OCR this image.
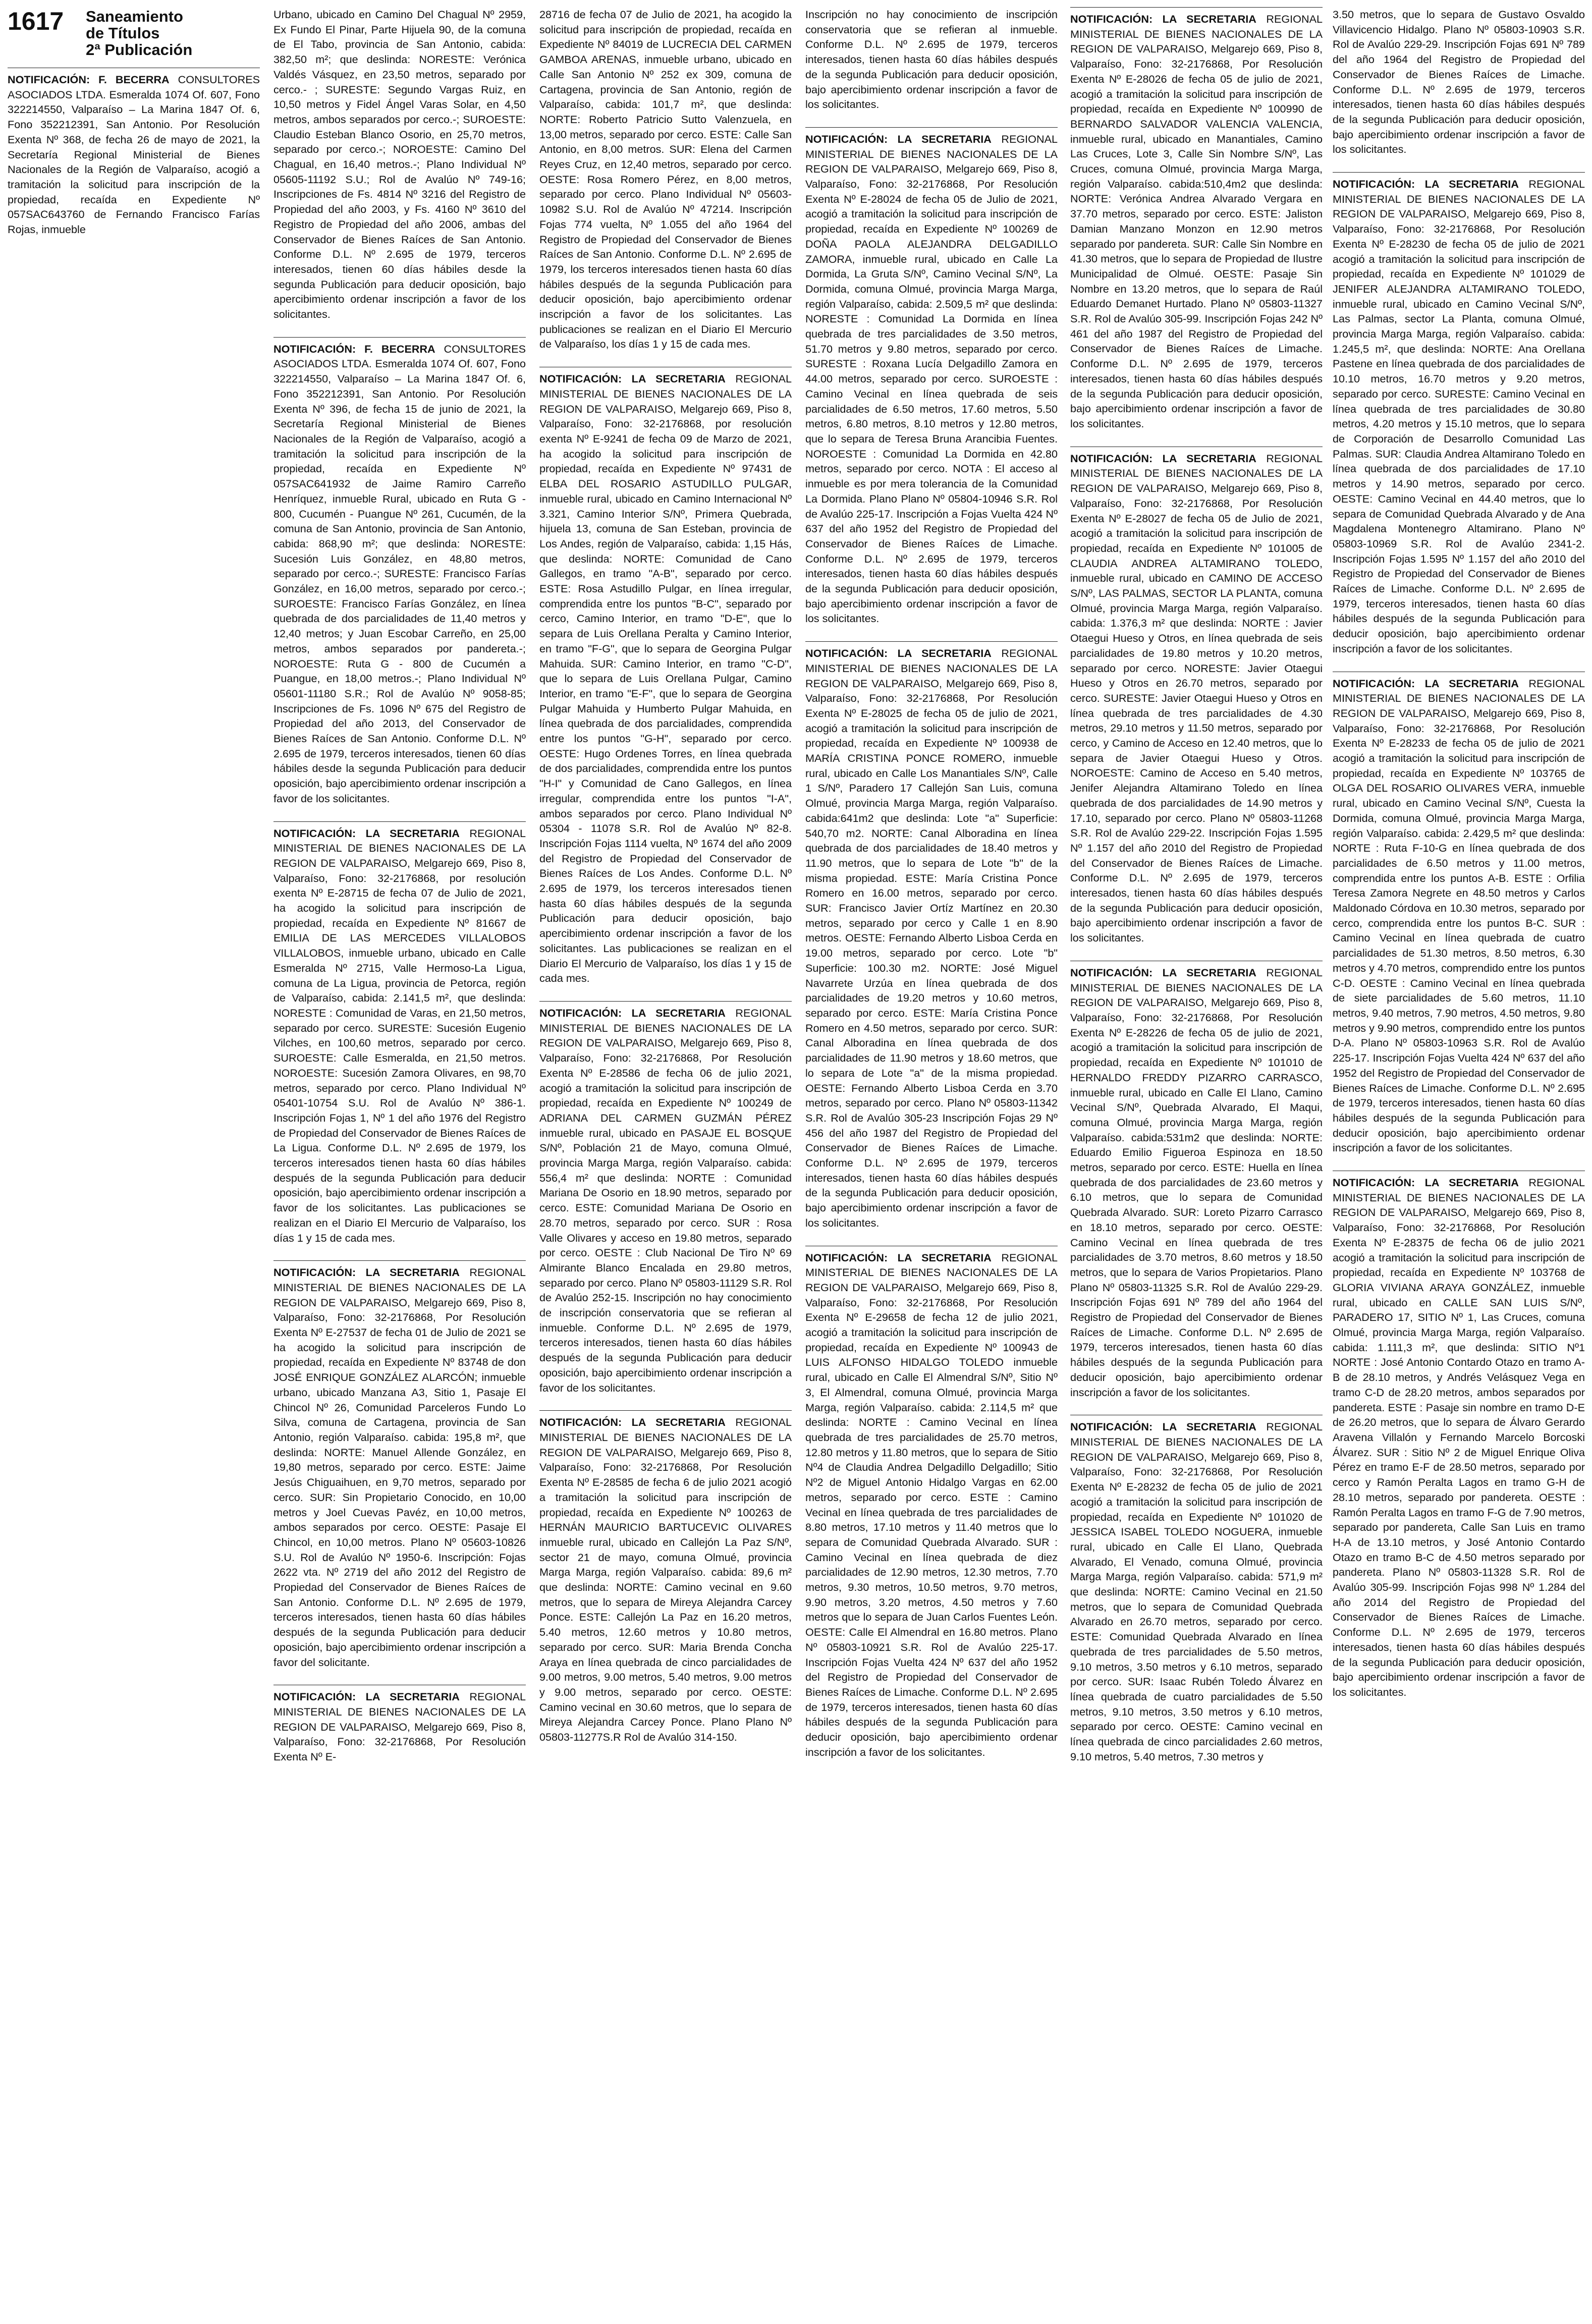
1617 Saneamiento
de Títulos
2ª Publicación

NOTIFICACIÓN: F. BECERRA CONSULTORES ASOCIADOS LTDA. Esmeralda 1074 Of. 607, Fono 322214550, Valparaíso – La Marina 1847 Of. 6, Fono 352212391, San Antonio. Por Resolución Exenta Nº 368, de fecha 26 de mayo de 2021, la Secretaría Regional Ministerial de Bienes Nacionales de la Región de Valparaíso, acogió a tramitación la solicitud para inscripción de la propiedad, recaída en Expediente Nº 057SAC643760 de Fernando Francisco Farías Rojas, inmueble

Urbano, ubicado en Camino Del Chagual Nº 2959, Ex Fundo El Pinar, Parte Hijuela 90, de la comuna de El Tabo, provincia de San Antonio, cabida: 382,50 m²; que deslinda: NORESTE: Verónica Valdés Vásquez, en 23,50 metros, separado por cerco.- ; SURESTE: Segundo Vargas Ruiz, en 10,50 metros y Fidel Ángel Varas Solar, en 4,50 metros, ambos separados por cerco.-; SUROESTE: Claudio Esteban Blanco Osorio, en 25,70 metros, separado por cerco.-; NOROESTE: Camino Del Chagual, en 16,40 metros.-; Plano Individual Nº 05605-11192 S.U.; Rol de Avalúo Nº 749-16; Inscripciones de Fs. 4814 Nº 3216 del Registro de Propiedad del año 2003, y Fs. 4160 Nº 3610 del Registro de Propiedad del año 2006, ambas del Conservador de Bienes Raíces de San Antonio. Conforme D.L. Nº 2.695 de 1979, terceros interesados, tienen 60 días hábiles desde la segunda Publicación para deducir oposición, bajo apercibimiento ordenar inscripción a favor de los solicitantes.

NOTIFICACIÓN: F. BECERRA CONSULTORES ASOCIADOS LTDA. Esmeralda 1074 Of. 607, Fono 322214550, Valparaíso – La Marina 1847 Of. 6, Fono 352212391, San Antonio. Por Resolución Exenta Nº 396, de fecha 15 de junio de 2021, la Secretaría Regional Ministerial de Bienes Nacionales de la Región de Valparaíso, acogió a tramitación la solicitud para inscripción de la propiedad, recaída en Expediente Nº 057SAC641932 de Jaime Ramiro Carreño Henríquez, inmueble Rural, ubicado en Ruta G - 800, Cucumén - Puangue Nº 261, Cucumén, de la comuna de San Antonio, provincia de San Antonio, cabida: 868,90 m²; que deslinda: NORESTE: Sucesión Luis González, en 48,80 metros, separado por cerco.-; SURESTE: Francisco Farías González, en 16,00 metros, separado por cerco.-; SUROESTE: Francisco Farías González, en línea quebrada de dos parcialidades de 11,40 metros y 12,40 metros; y Juan Escobar Carreño, en 25,00 metros, ambos separados por pandereta.-; NOROESTE: Ruta G - 800 de Cucumén a Puangue, en 18,00 metros.-; Plano Individual Nº 05601-11180 S.R.; Rol de Avalúo Nº 9058-85; Inscripciones de Fs. 1096 Nº 675 del Registro de Propiedad del año 2013, del Conservador de Bienes Raíces de San Antonio. Conforme D.L. Nº 2.695 de 1979, terceros interesados, tienen 60 días hábiles desde la segunda Publicación para deducir oposición, bajo apercibimiento ordenar inscripción a favor de los solicitantes.

NOTIFICACIÓN: LA SECRETARIA REGIONAL MINISTERIAL DE BIENES NACIONALES DE LA REGION DE VALPARAISO, Melgarejo 669, Piso 8, Valparaíso, Fono: 32-2176868, por resolución exenta Nº E-28715 de fecha 07 de Julio de 2021, ha acogido la solicitud para inscripción de propiedad, recaída en Expediente Nº 81667 de EMILIA DE LAS MERCEDES VILLALOBOS VILLALOBOS, inmueble urbano, ubicado en Calle Esmeralda Nº 2715, Valle Hermoso-La Ligua, comuna de La Ligua, provincia de Petorca, región de Valparaíso, cabida: 2.141,5 m², que deslinda: NORESTE : Comunidad de Varas, en 21,50 metros, separado por cerco. SURESTE: Sucesión Eugenio Vilches, en 100,60 metros, separado por cerco. SUROESTE: Calle Esmeralda, en 21,50 metros. NOROESTE: Sucesión Zamora Olivares, en 98,70 metros, separado por cerco. Plano Individual Nº 05401-10754 S.U. Rol de Avalúo Nº 386-1. Inscripción Fojas 1, Nº 1 del año 1976 del Registro de Propiedad del Conservador de Bienes Raíces de La Ligua. Conforme D.L. Nº 2.695 de 1979, los terceros interesados tienen hasta 60 días hábiles después de la segunda Publicación para deducir oposición, bajo apercibimiento ordenar inscripción a favor de los solicitantes. Las publicaciones se realizan en el Diario El Mercurio de Valparaíso, los días 1 y 15 de cada mes.

NOTIFICACIÓN: LA SECRETARIA REGIONAL MINISTERIAL DE BIENES NACIONALES DE LA REGION DE VALPARAISO, Melgarejo 669, Piso 8, Valparaíso, Fono: 32-2176868, Por Resolución Exenta Nº E-27537 de fecha 01 de Julio de 2021 se ha acogido la solicitud para inscripción de propiedad, recaída en Expediente Nº 83748 de don JOSÉ ENRIQUE GONZÁLEZ ALARCÓN; inmueble urbano, ubicado Manzana A3, Sitio 1, Pasaje El Chincol Nº 26, Comunidad Parceleros Fundo Lo Silva, comuna de Cartagena, provincia de San Antonio, región Valparaíso. cabida: 195,8 m², que deslinda: NORTE: Manuel Allende González, en 19,80 metros, separado por cerco. ESTE: Jaime Jesús Chiguaihuen, en 9,70 metros, separado por cerco. SUR: Sin Propietario Conocido, en 10,00 metros y Joel Cuevas Pavéz, en 10,00 metros, ambos separados por cerco. OESTE: Pasaje El Chincol, en 10,00 metros. Plano Nº 05603-10826 S.U. Rol de Avalúo Nº 1950-6. Inscripción: Fojas 2622 vta. Nº 2719 del año 2012 del Registro de Propiedad del Conservador de Bienes Raíces de San Antonio. Conforme D.L. Nº 2.695 de 1979, terceros interesados, tienen hasta 60 días hábiles después de la segunda Publicación para deducir oposición, bajo apercibimiento ordenar inscripción a favor del solicitante.

NOTIFICACIÓN: LA SECRETARIA REGIONAL MINISTERIAL DE BIENES NACIONALES DE LA REGION DE VALPARAISO, Melgarejo 669, Piso 8, Valparaíso, Fono: 32-2176868, Por Resolución Exenta Nº E-

28716 de fecha 07 de Julio de 2021, ha acogido la solicitud para inscripción de propiedad, recaída en Expediente Nº 84019 de LUCRECIA DEL CARMEN GAMBOA ARENAS, inmueble urbano, ubicado en Calle San Antonio Nº 252 ex 309, comuna de Cartagena, provincia de San Antonio, región de Valparaíso, cabida: 101,7 m², que deslinda: NORTE: Roberto Patricio Sutto Valenzuela, en 13,00 metros, separado por cerco. ESTE: Calle San Antonio, en 8,00 metros. SUR: Elena del Carmen Reyes Cruz, en 12,40 metros, separado por cerco. OESTE: Rosa Romero Pérez, en 8,00 metros, separado por cerco. Plano Individual Nº 05603-10982 S.U. Rol de Avalúo Nº 47214. Inscripción Fojas 774 vuelta, Nº 1.055 del año 1964 del Registro de Propiedad del Conservador de Bienes Raíces de San Antonio. Conforme D.L. Nº 2.695 de 1979, los terceros interesados tienen hasta 60 días hábiles después de la segunda Publicación para deducir oposición, bajo apercibimiento ordenar inscripción a favor de los solicitantes. Las publicaciones se realizan en el Diario El Mercurio de Valparaíso, los días 1 y 15 de cada mes.

NOTIFICACIÓN: LA SECRETARIA REGIONAL MINISTERIAL DE BIENES NACIONALES DE LA REGION DE VALPARAISO, Melgarejo 669, Piso 8, Valparaíso, Fono: 32-2176868, por resolución exenta Nº E-9241 de fecha 09 de Marzo de 2021, ha acogido la solicitud para inscripción de propiedad, recaída en Expediente Nº 97431 de ELBA DEL ROSARIO ASTUDILLO PULGAR, inmueble rural, ubicado en Camino Internacional Nº 3.321, Camino Interior S/Nº, Primera Quebrada, hijuela 13, comuna de San Esteban, provincia de Los Andes, región de Valparaíso, cabida: 1,15 Hás, que deslinda: NORTE: Comunidad de Cano Gallegos, en tramo "A-B", separado por cerco. ESTE: Rosa Astudillo Pulgar, en línea irregular, comprendida entre los puntos "B-C", separado por cerco, Camino Interior, en tramo "D-E", que lo separa de Luis Orellana Peralta y Camino Interior, en tramo "F-G", que lo separa de Georgina Pulgar Mahuida. SUR: Camino Interior, en tramo "C-D", que lo separa de Luis Orellana Pulgar, Camino Interior, en tramo "E-F", que lo separa de Georgina Pulgar Mahuida y Humberto Pulgar Mahuida, en línea quebrada de dos parcialidades, comprendida entre los puntos "G-H", separado por cerco. OESTE: Hugo Ordenes Torres, en línea quebrada de dos parcialidades, comprendida entre los puntos "H-I" y Comunidad de Cano Gallegos, en línea irregular, comprendida entre los puntos "I-A", ambos separados por cerco. Plano Individual Nº 05304 - 11078 S.R. Rol de Avalúo Nº 82-8. Inscripción Fojas 1114 vuelta, Nº 1674 del año 2009 del Registro de Propiedad del Conservador de Bienes Raíces de Los Andes. Conforme D.L. Nº 2.695 de 1979, los terceros interesados tienen hasta 60 días hábiles después de la segunda Publicación para deducir oposición, bajo apercibimiento ordenar inscripción a favor de los solicitantes. Las publicaciones se realizan en el Diario El Mercurio de Valparaíso, los días 1 y 15 de cada mes.

NOTIFICACIÓN: LA SECRETARIA REGIONAL MINISTERIAL DE BIENES NACIONALES DE LA REGION DE VALPARAISO, Melgarejo 669, Piso 8, Valparaíso, Fono: 32-2176868, Por Resolución Exenta Nº E-28586 de fecha 06 de julio 2021, acogió a tramitación la solicitud para inscripción de propiedad, recaída en Expediente Nº 100249 de ADRIANA DEL CARMEN GUZMÁN PÉREZ inmueble rural, ubicado en PASAJE EL BOSQUE S/Nº, Población 21 de Mayo, comuna Olmué, provincia Marga Marga, región Valparaíso. cabida: 556,4 m² que deslinda: NORTE : Comunidad Mariana De Osorio en 18.90 metros, separado por cerco. ESTE: Comunidad Mariana De Osorio en 28.70 metros, separado por cerco. SUR : Rosa Valle Olivares y acceso en 19.80 metros, separado por cerco. OESTE : Club Nacional De Tiro Nº 69 Almirante Blanco Encalada en 29.80 metros, separado por cerco. Plano Nº 05803-11129 S.R. Rol de Avalúo 252-15. Inscripción no hay conocimiento de inscripción conservatoria que se refieran al inmueble. Conforme D.L. Nº 2.695 de 1979, terceros interesados, tienen hasta 60 días hábiles después de la segunda Publicación para deducir oposición, bajo apercibimiento ordenar inscripción a favor de los solicitantes.

NOTIFICACIÓN: LA SECRETARIA REGIONAL MINISTERIAL DE BIENES NACIONALES DE LA REGION DE VALPARAISO, Melgarejo 669, Piso 8, Valparaíso, Fono: 32-2176868, Por Resolución Exenta Nº E-28585 de fecha 6 de julio 2021 acogió a tramitación la solicitud para inscripción de propiedad, recaída en Expediente Nº 100263 de HERNÁN MAURICIO BARTUCEVIC OLIVARES inmueble rural, ubicado en Callejón La Paz S/Nº, sector 21 de mayo, comuna Olmué, provincia Marga Marga, región Valparaíso. cabida: 89,6 m² que deslinda: NORTE: Camino vecinal en 9.60 metros, que lo separa de Mireya Alejandra Carcey Ponce. ESTE: Callejón La Paz en 16.20 metros, 5.40 metros, 12.60 metros y 10.80 metros, separado por cerco. SUR: Maria Brenda Concha Araya en línea quebrada de cinco parcialidades de 9.00 metros, 9.00 metros, 5.40 metros, 9.00 metros y 9.00 metros, separado por cerco. OESTE: Camino vecinal en 30.60 metros, que lo separa de Mireya Alejandra Carcey Ponce. Plano Plano Nº 05803-11277S.R Rol de Avalúo 314-150.

Inscripción no hay conocimiento de inscripción conservatoria que se refieran al inmueble. Conforme D.L. Nº 2.695 de 1979, terceros interesados, tienen hasta 60 días hábiles después de la segunda Publicación para deducir oposición, bajo apercibimiento ordenar inscripción a favor de los solicitantes.

NOTIFICACIÓN: LA SECRETARIA REGIONAL MINISTERIAL DE BIENES NACIONALES DE LA REGION DE VALPARAISO, Melgarejo 669, Piso 8, Valparaíso, Fono: 32-2176868, Por Resolución Exenta Nº E-28024 de fecha 05 de Julio de 2021, acogió a tramitación la solicitud para inscripción de propiedad, recaída en Expediente Nº 100269 de DOÑA PAOLA ALEJANDRA DELGADILLO ZAMORA, inmueble rural, ubicado en Calle La Dormida, La Gruta S/Nº, Camino Vecinal S/Nº, La Dormida, comuna Olmué, provincia Marga Marga, región Valparaíso, cabida: 2.509,5 m² que deslinda: NORESTE : Comunidad La Dormida en línea quebrada de tres parcialidades de 3.50 metros, 51.70 metros y 9.80 metros, separado por cerco. SURESTE : Roxana Lucía Delgadillo Zamora en 44.00 metros, separado por cerco. SUROESTE : Camino Vecinal en línea quebrada de seis parcialidades de 6.50 metros, 17.60 metros, 5.50 metros, 6.80 metros, 8.10 metros y 12.80 metros, que lo separa de Teresa Bruna Arancibia Fuentes. NOROESTE : Comunidad La Dormida en 42.80 metros, separado por cerco. NOTA : El acceso al inmueble es por mera tolerancia de la Comunidad La Dormida. Plano Plano Nº 05804-10946 S.R. Rol de Avalúo 225-17. Inscripción a Fojas Vuelta 424 Nº 637 del año 1952 del Registro de Propiedad del Conservador de Bienes Raíces de Limache. Conforme D.L. Nº 2.695 de 1979, terceros interesados, tienen hasta 60 días hábiles después de la segunda Publicación para deducir oposición, bajo apercibimiento ordenar inscripción a favor de los solicitantes.

NOTIFICACIÓN: LA SECRETARIA REGIONAL MINISTERIAL DE BIENES NACIONALES DE LA REGION DE VALPARAISO, Melgarejo 669, Piso 8, Valparaíso, Fono: 32-2176868, Por Resolución Exenta Nº E-28025 de fecha 05 de julio de 2021, acogió a tramitación la solicitud para inscripción de propiedad, recaída en Expediente Nº 100938 de MARÍA CRISTINA PONCE ROMERO, inmueble rural, ubicado en Calle Los Manantiales S/Nº, Calle 1 S/Nº, Paradero 17 Callejón San Luis, comuna Olmué, provincia Marga Marga, región Valparaíso. cabida:641m2 que deslinda: Lote "a" Superficie: 540,70 m2. NORTE: Canal Alboradina en línea quebrada de dos parcialidades de 18.40 metros y 11.90 metros, que lo separa de Lote "b" de la misma propiedad. ESTE: María Cristina Ponce Romero en 16.00 metros, separado por cerco. SUR: Francisco Javier Ortíz Martínez en 20.30 metros, separado por cerco y Calle 1 en 8.90 metros. OESTE: Fernando Alberto Lisboa Cerda en 19.00 metros, separado por cerco. Lote "b" Superficie: 100.30 m2. NORTE: José Miguel Navarrete Urzúa en línea quebrada de dos parcialidades de 19.20 metros y 10.60 metros, separado por cerco. ESTE: María Cristina Ponce Romero en 4.50 metros, separado por cerco. SUR: Canal Alboradina en línea quebrada de dos parcialidades de 11.90 metros y 18.60 metros, que lo separa de Lote "a" de la misma propiedad. OESTE: Fernando Alberto Lisboa Cerda en 3.70 metros, separado por cerco. Plano Nº 05803-11342 S.R. Rol de Avalúo 305-23 Inscripción Fojas 29 Nº 456 del año 1987 del Registro de Propiedad del Conservador de Bienes Raíces de Limache. Conforme D.L. Nº 2.695 de 1979, terceros interesados, tienen hasta 60 días hábiles después de la segunda Publicación para deducir oposición, bajo apercibimiento ordenar inscripción a favor de los solicitantes.

NOTIFICACIÓN: LA SECRETARIA REGIONAL MINISTERIAL DE BIENES NACIONALES DE LA REGION DE VALPARAISO, Melgarejo 669, Piso 8, Valparaíso, Fono: 32-2176868, Por Resolución Exenta Nº E-29658 de fecha 12 de julio 2021, acogió a tramitación la solicitud para inscripción de propiedad, recaída en Expediente Nº 100943 de LUIS ALFONSO HIDALGO TOLEDO inmueble rural, ubicado en Calle El Almendral S/Nº, Sitio Nº 3, El Almendral, comuna Olmué, provincia Marga Marga, región Valparaíso. cabida: 2.114,5 m² que deslinda: NORTE : Camino Vecinal en línea quebrada de tres parcialidades de 25.70 metros, 12.80 metros y 11.80 metros, que lo separa de Sitio Nº4 de Claudia Andrea Delgadillo Delgadillo; Sitio Nº2 de Miguel Antonio Hidalgo Vargas en 62.00 metros, separado por cerco. ESTE : Camino Vecinal en línea quebrada de tres parcialidades de 8.80 metros, 17.10 metros y 11.40 metros que lo separa de Comunidad Quebrada Alvarado. SUR : Camino Vecinal en línea quebrada de diez parcialidades de 12.90 metros, 12.30 metros, 7.70 metros, 9.30 metros, 10.50 metros, 9.70 metros, 9.90 metros, 3.20 metros, 4.50 metros y 7.60 metros que lo separa de Juan Carlos Fuentes León. OESTE: Calle El Almendral en 16.80 metros. Plano Nº 05803-10921 S.R. Rol de Avalúo 225-17. Inscripción Fojas Vuelta 424 Nº 637 del año 1952 del Registro de Propiedad del Conservador de Bienes Raíces de Limache. Conforme D.L. Nº 2.695 de 1979, terceros interesados, tienen hasta 60 días hábiles después de la segunda Publicación para deducir oposición, bajo apercibimiento ordenar inscripción a favor de los solicitantes.

NOTIFICACIÓN: LA SECRETARIA REGIONAL MINISTERIAL DE BIENES NACIONALES DE LA REGION DE VALPARAISO, Melgarejo 669, Piso 8, Valparaíso, Fono: 32-2176868, Por Resolución Exenta Nº E-28026 de fecha 05 de julio de 2021, acogió a tramitación la solicitud para inscripción de propiedad, recaída en Expediente Nº 100990 de BERNARDO SALVADOR VALENCIA VALENCIA, inmueble rural, ubicado en Manantiales, Camino Las Cruces, Lote 3, Calle Sin Nombre S/Nº, Las Cruces, comuna Olmué, provincia Marga Marga, región Valparaíso. cabida:510,4m2 que deslinda: NORTE: Verónica Andrea Alvarado Vergara en 37.70 metros, separado por cerco. ESTE: Jaliston Damian Manzano Monzon en 12.90 metros separado por pandereta. SUR: Calle Sin Nombre en 41.30 metros, que lo separa de Propiedad de Ilustre Municipalidad de Olmué. OESTE: Pasaje Sin Nombre en 13.20 metros, que lo separa de Raúl Eduardo Demanet Hurtado. Plano Nº 05803-11327 S.R. Rol de Avalúo 305-99. Inscripción Fojas 242 Nº 461 del año 1987 del Registro de Propiedad del Conservador de Bienes Raíces de Limache. Conforme D.L. Nº 2.695 de 1979, terceros interesados, tienen hasta 60 días hábiles después de la segunda Publicación para deducir oposición, bajo apercibimiento ordenar inscripción a favor de los solicitantes.

NOTIFICACIÓN: LA SECRETARIA REGIONAL MINISTERIAL DE BIENES NACIONALES DE LA REGION DE VALPARAISO, Melgarejo 669, Piso 8, Valparaíso, Fono: 32-2176868, Por Resolución Exenta Nº E-28027 de fecha 05 de Julio de 2021, acogió a tramitación la solicitud para inscripción de propiedad, recaída en Expediente Nº 101005 de CLAUDIA ANDREA ALTAMIRANO TOLEDO, inmueble rural, ubicado en CAMINO DE ACCESO S/Nº, LAS PALMAS, SECTOR LA PLANTA, comuna Olmué, provincia Marga Marga, región Valparaíso. cabida: 1.376,3 m² que deslinda: NORTE : Javier Otaegui Hueso y Otros, en línea quebrada de seis parcialidades de 19.80 metros y 10.20 metros, separado por cerco. NORESTE: Javier Otaegui Hueso y Otros en 26.70 metros, separado por cerco. SURESTE: Javier Otaegui Hueso y Otros en línea quebrada de tres parcialidades de 4.30 metros, 29.10 metros y 11.50 metros, separado por cerco, y Camino de Acceso en 12.40 metros, que lo separa de Javier Otaegui Hueso y Otros. NOROESTE: Camino de Acceso en 5.40 metros, Jenifer Alejandra Altamirano Toledo en línea quebrada de dos parcialidades de 14.90 metros y 17.10, separado por cerco. Plano Nº 05803-11268 S.R. Rol de Avalúo 229-22. Inscripción Fojas 1.595 Nº 1.157 del año 2010 del Registro de Propiedad del Conservador de Bienes Raíces de Limache. Conforme D.L. Nº 2.695 de 1979, terceros interesados, tienen hasta 60 días hábiles después de la segunda Publicación para deducir oposición, bajo apercibimiento ordenar inscripción a favor de los solicitantes.

NOTIFICACIÓN: LA SECRETARIA REGIONAL MINISTERIAL DE BIENES NACIONALES DE LA REGION DE VALPARAISO, Melgarejo 669, Piso 8, Valparaíso, Fono: 32-2176868, Por Resolución Exenta Nº E-28226 de fecha 05 de julio de 2021, acogió a tramitación la solicitud para inscripción de propiedad, recaída en Expediente Nº 101010 de HERNALDO FREDDY PIZARRO CARRASCO, inmueble rural, ubicado en Calle El Llano, Camino Vecinal S/Nº, Quebrada Alvarado, El Maqui, comuna Olmué, provincia Marga Marga, región Valparaíso. cabida:531m2 que deslinda: NORTE: Eduardo Emilio Figueroa Espinoza en 18.50 metros, separado por cerco. ESTE: Huella en línea quebrada de dos parcialidades de 23.60 metros y 6.10 metros, que lo separa de Comunidad Quebrada Alvarado. SUR: Loreto Pizarro Carrasco en 18.10 metros, separado por cerco. OESTE: Camino Vecinal en línea quebrada de tres parcialidades de 3.70 metros, 8.60 metros y 18.50 metros, que lo separa de Varios Propietarios. Plano Plano Nº 05803-11325 S.R. Rol de Avalúo 229-29. Inscripción Fojas 691 Nº 789 del año 1964 del Registro de Propiedad del Conservador de Bienes Raíces de Limache. Conforme D.L. Nº 2.695 de 1979, terceros interesados, tienen hasta 60 días hábiles después de la segunda Publicación para deducir oposición, bajo apercibimiento ordenar inscripción a favor de los solicitantes.

NOTIFICACIÓN: LA SECRETARIA REGIONAL MINISTERIAL DE BIENES NACIONALES DE LA REGION DE VALPARAISO, Melgarejo 669, Piso 8, Valparaíso, Fono: 32-2176868, Por Resolución Exenta Nº E-28232 de fecha 05 de julio de 2021 acogió a tramitación la solicitud para inscripción de propiedad, recaída en Expediente Nº 101020 de JESSICA ISABEL TOLEDO NOGUERA, inmueble rural, ubicado en Calle El Llano, Quebrada Alvarado, El Venado, comuna Olmué, provincia Marga Marga, región Valparaíso. cabida: 571,9 m² que deslinda: NORTE: Camino Vecinal en 21.50 metros, que lo separa de Comunidad Quebrada Alvarado en 26.70 metros, separado por cerco. ESTE: Comunidad Quebrada Alvarado en línea quebrada de tres parcialidades de 5.50 metros, 9.10 metros, 3.50 metros y 6.10 metros, separado por cerco. SUR: Isaac Rubén Toledo Álvarez en línea quebrada de cuatro parcialidades de 5.50 metros, 9.10 metros, 3.50 metros y 6.10 metros, separado por cerco. OESTE: Camino vecinal en línea quebrada de cinco parcialidades 2.60 metros, 9.10 metros, 5.40 metros, 7.30 metros y

3.50 metros, que lo separa de Gustavo Osvaldo Villavicencio Hidalgo. Plano Nº 05803-10903 S.R. Rol de Avalúo 229-29. Inscripción Fojas 691 Nº 789 del año 1964 del Registro de Propiedad del Conservador de Bienes Raíces de Limache. Conforme D.L. Nº 2.695 de 1979, terceros interesados, tienen hasta 60 días hábiles después de la segunda Publicación para deducir oposición, bajo apercibimiento ordenar inscripción a favor de los solicitantes.

NOTIFICACIÓN: LA SECRETARIA REGIONAL MINISTERIAL DE BIENES NACIONALES DE LA REGION DE VALPARAISO, Melgarejo 669, Piso 8, Valparaíso, Fono: 32-2176868, Por Resolución Exenta Nº E-28230 de fecha 05 de julio de 2021 acogió a tramitación la solicitud para inscripción de propiedad, recaída en Expediente Nº 101029 de JENIFER ALEJANDRA ALTAMIRANO TOLEDO, inmueble rural, ubicado en Camino Vecinal S/Nº, Las Palmas, sector La Planta, comuna Olmué, provincia Marga Marga, región Valparaíso. cabida: 1.245,5 m², que deslinda: NORTE: Ana Orellana Pastene en línea quebrada de dos parcialidades de 10.10 metros, 16.70 metros y 9.20 metros, separado por cerco. SURESTE: Camino Vecinal en línea quebrada de tres parcialidades de 30.80 metros, 4.20 metros y 15.10 metros, que lo separa de Corporación de Desarrollo Comunidad Las Palmas. SUR: Claudia Andrea Altamirano Toledo en línea quebrada de dos parcialidades de 17.10 metros y 14.90 metros, separado por cerco. OESTE: Camino Vecinal en 44.40 metros, que lo separa de Comunidad Quebrada Alvarado y de Ana Magdalena Montenegro Altamirano. Plano Nº 05803-10969 S.R. Rol de Avalúo 2341-2. Inscripción Fojas 1.595 Nº 1.157 del año 2010 del Registro de Propiedad del Conservador de Bienes Raíces de Limache. Conforme D.L. Nº 2.695 de 1979, terceros interesados, tienen hasta 60 días hábiles después de la segunda Publicación para deducir oposición, bajo apercibimiento ordenar inscripción a favor de los solicitantes.

NOTIFICACIÓN: LA SECRETARIA REGIONAL MINISTERIAL DE BIENES NACIONALES DE LA REGION DE VALPARAISO, Melgarejo 669, Piso 8, Valparaíso, Fono: 32-2176868, Por Resolución Exenta Nº E-28233 de fecha 05 de julio de 2021 acogió a tramitación la solicitud para inscripción de propiedad, recaída en Expediente Nº 103765 de OLGA DEL ROSARIO OLIVARES VERA, inmueble rural, ubicado en Camino Vecinal S/Nº, Cuesta la Dormida, comuna Olmué, provincia Marga Marga, región Valparaíso. cabida: 2.429,5 m² que deslinda: NORTE : Ruta F-10-G en línea quebrada de dos parcialidades de 6.50 metros y 11.00 metros, comprendida entre los puntos A-B. ESTE : Orfilia Teresa Zamora Negrete en 48.50 metros y Carlos Maldonado Córdova en 10.30 metros, separado por cerco, comprendida entre los puntos B-C. SUR : Camino Vecinal en línea quebrada de cuatro parcialidades de 51.30 metros, 8.50 metros, 6.30 metros y 4.70 metros, comprendido entre los puntos C-D. OESTE : Camino Vecinal en línea quebrada de siete parcialidades de 5.60 metros, 11.10 metros, 9.40 metros, 7.90 metros, 4.50 metros, 9.80 metros y 9.90 metros, comprendido entre los puntos D-A. Plano Nº 05803-10963 S.R. Rol de Avalúo 225-17. Inscripción Fojas Vuelta 424 Nº 637 del año 1952 del Registro de Propiedad del Conservador de Bienes Raíces de Limache. Conforme D.L. Nº 2.695 de 1979, terceros interesados, tienen hasta 60 días hábiles después de la segunda Publicación para deducir oposición, bajo apercibimiento ordenar inscripción a favor de los solicitantes.

NOTIFICACIÓN: LA SECRETARIA REGIONAL MINISTERIAL DE BIENES NACIONALES DE LA REGION DE VALPARAISO, Melgarejo 669, Piso 8, Valparaíso, Fono: 32-2176868, Por Resolución Exenta Nº E-28375 de fecha 06 de julio 2021 acogió a tramitación la solicitud para inscripción de propiedad, recaída en Expediente Nº 103768 de GLORIA VIVIANA ARAYA GONZÁLEZ, inmueble rural, ubicado en CALLE SAN LUIS S/Nº, PARADERO 17, SITIO Nº 1, Las Cruces, comuna Olmué, provincia Marga Marga, región Valparaíso. cabida: 1.111,3 m², que deslinda: SITIO Nº1 NORTE : José Antonio Contardo Otazo en tramo A-B de 28.10 metros, y Andrés Velásquez Vega en tramo C-D de 28.20 metros, ambos separados por pandereta. ESTE : Pasaje sin nombre en tramo D-E de 26.20 metros, que lo separa de Álvaro Gerardo Aravena Villalón y Fernando Marcelo Borcoski Álvarez. SUR : Sitio Nº 2 de Miguel Enrique Oliva Pérez en tramo E-F de 28.50 metros, separado por cerco y Ramón Peralta Lagos en tramo G-H de 28.10 metros, separado por pandereta. OESTE : Ramón Peralta Lagos en tramo F-G de 7.90 metros, separado por pandereta, Calle San Luis en tramo H-A de 13.10 metros, y José Antonio Contardo Otazo en tramo B-C de 4.50 metros separado por pandereta. Plano Nº 05803-11328 S.R. Rol de Avalúo 305-99. Inscripción Fojas 998 Nº 1.284 del año 2014 del Registro de Propiedad del Conservador de Bienes Raíces de Limache. Conforme D.L. Nº 2.695 de 1979, terceros interesados, tienen hasta 60 días hábiles después de la segunda Publicación para deducir oposición, bajo apercibimiento ordenar inscripción a favor de los solicitantes.
